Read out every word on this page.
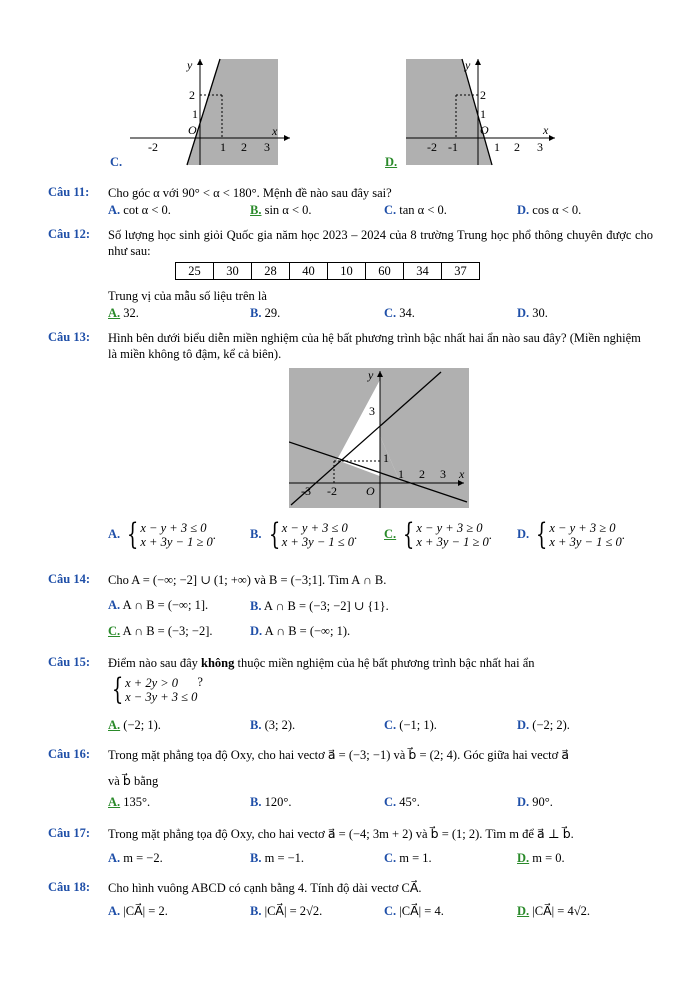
y
x
O
2
1
-2	1 2 3
C.
y
x
O
2
1
-2 -1	1 2 3
D.
Câu 11: Cho góc α với 90° < α < 180°. Mệnh đề nào sau đây sai?
A. cot α < 0.	B. sin α < 0.	C. tan α < 0.	D. cos α < 0.
Câu 12: Số lượng học sinh giỏi Quốc gia năm học 2023 – 2024 của 8 trường Trung học phổ thông chuyên được cho như sau:
25	30	28	40	10	60	34	37
Trung vị của mẫu số liệu trên là
A. 32.	B. 29.	C. 34.	D. 30.
Câu 13: Hình bên dưới biểu diễn miền nghiệm của hệ bất phương trình bậc nhất hai ẩn nào sau đây? (Miền nghiệm là miền không tô đậm, kể cả biên).
y
x
O
3
1
-3 -2
1 2 3
A. { x − y + 3 ≤ 0
x + 3y − 1 ≥ 0
.	B. { x − y + 3 ≤ 0
x + 3y − 1 ≤ 0
. C. { x − y + 3 ≥ 0
x + 3y − 1 ≥ 0
. D. { x − y + 3 ≥ 0
x + 3y − 1 ≤ 0
.
Câu 14: Cho A = (−∞; −2] ∪ (1; +∞) và B = (−3;1]. Tìm A ∩ B.
A. A ∩ B = (−∞; 1].	B. A ∩ B = (−3; −2] ∪ {1}.
C. A ∩ B = (−3; −2].	D. A ∩ B = (−∞; 1).
Câu 15: Điểm nào sau đây không thuộc miền nghiệm của hệ bất phương trình bậc nhất hai ẩn
{ x + 2y > 0
x − 3y + 3 ≤ 0
?
A. (−2; 1).	B. (3; 2).	C. (−1; 1).	D. (−2; 2).
Câu 16: Trong mặt phẳng tọa độ Oxy, cho hai vectơ a⃗ = (−3; −1) và b⃗ = (2; 4). Góc giữa hai vectơ a⃗
và b⃗ bằng
A. 135°.	B. 120°.	C. 45°.	D. 90°.
Câu 17: Trong mặt phẳng tọa độ Oxy, cho hai vectơ a⃗ = (−4; 3m + 2) và b⃗ = (1; 2). Tìm m để a⃗ ⊥ b⃗.
A. m = −2.	B. m = −1.	C. m = 1.	D. m = 0.
Câu 18: Cho hình vuông ABCD có cạnh bằng 4. Tính độ dài vectơ CA⃗.
A. |CA⃗| = 2.	B. |CA⃗| = 2√2.	C. |CA⃗| = 4.	D. |CA⃗| = 4√2.
